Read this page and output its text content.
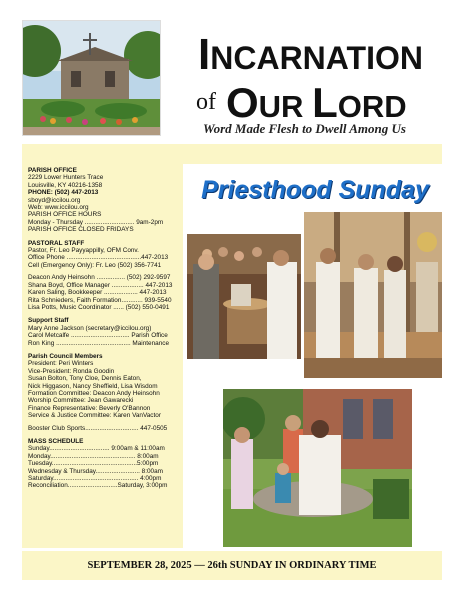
INCARNATION
of OUR LORD
Word Made Flesh to Dwell Among Us
PARISH OFFICE
2229 Lower Hunters Trace
Louisville, KY 40216-1358
PHONE: (502) 447-2013
sboyd@iccilou.org
Web: www.iccilou.org
PARISH OFFICE HOURS
Monday - Thursday ............................ 9am-2pm
PARISH OFFICE CLOSED FRIDAYS
PASTORAL STAFF
Pastor, Fr. Leo Payyappilly, OFM Conv.
Office Phone ..........................................447-2013
Cell (Emergency Only): Fr. Leo (502) 356-7741
Deacon Andy Heinsohn ................ (502) 292-9597
Shana Boyd, Office Manager .................. 447-2013
Karen Saling, Bookkeeper ................... 447-2013
Rita Schnieders, Faith Formation............ 939-5540
Lisa Potts, Music Coordinator ...... (502) 550-0491
Support Staff
Mary Anne Jackson (secretary@iccilou.org)
Carol Metcalfe ................................. Parish Office
Ron King .......................................... Maintenance
Parish Council Members
President: Peri Winters
Vice-President: Ronda Goodin
Susan Bolton, Tony Cloe, Dennis Eaton,
Nick Higgason, Nancy Sheffield, Lisa Wisdom
Formation Committee: Deacon Andy Heinsohn
Worship Committee: Jean Gawarecki
Finance Representative: Beverly O'Bannon
Service & Justice Committee: Karen VanVactor
Booster Club Sports.............................. 447-0505
MASS SCHEDULE
Sunday.................................. 9:00am & 11:00am
Monday................................................ 8:00am
Tuesday................................................5:00pm
Wednesday & Thursday......................... 8:00am
Saturday................................................ 4:00pm
Reconciliation............................Saturday, 3:00pm
Priesthood Sunday
SEPTEMBER 28, 2025 — 26th SUNDAY IN ORDINARY TIME
